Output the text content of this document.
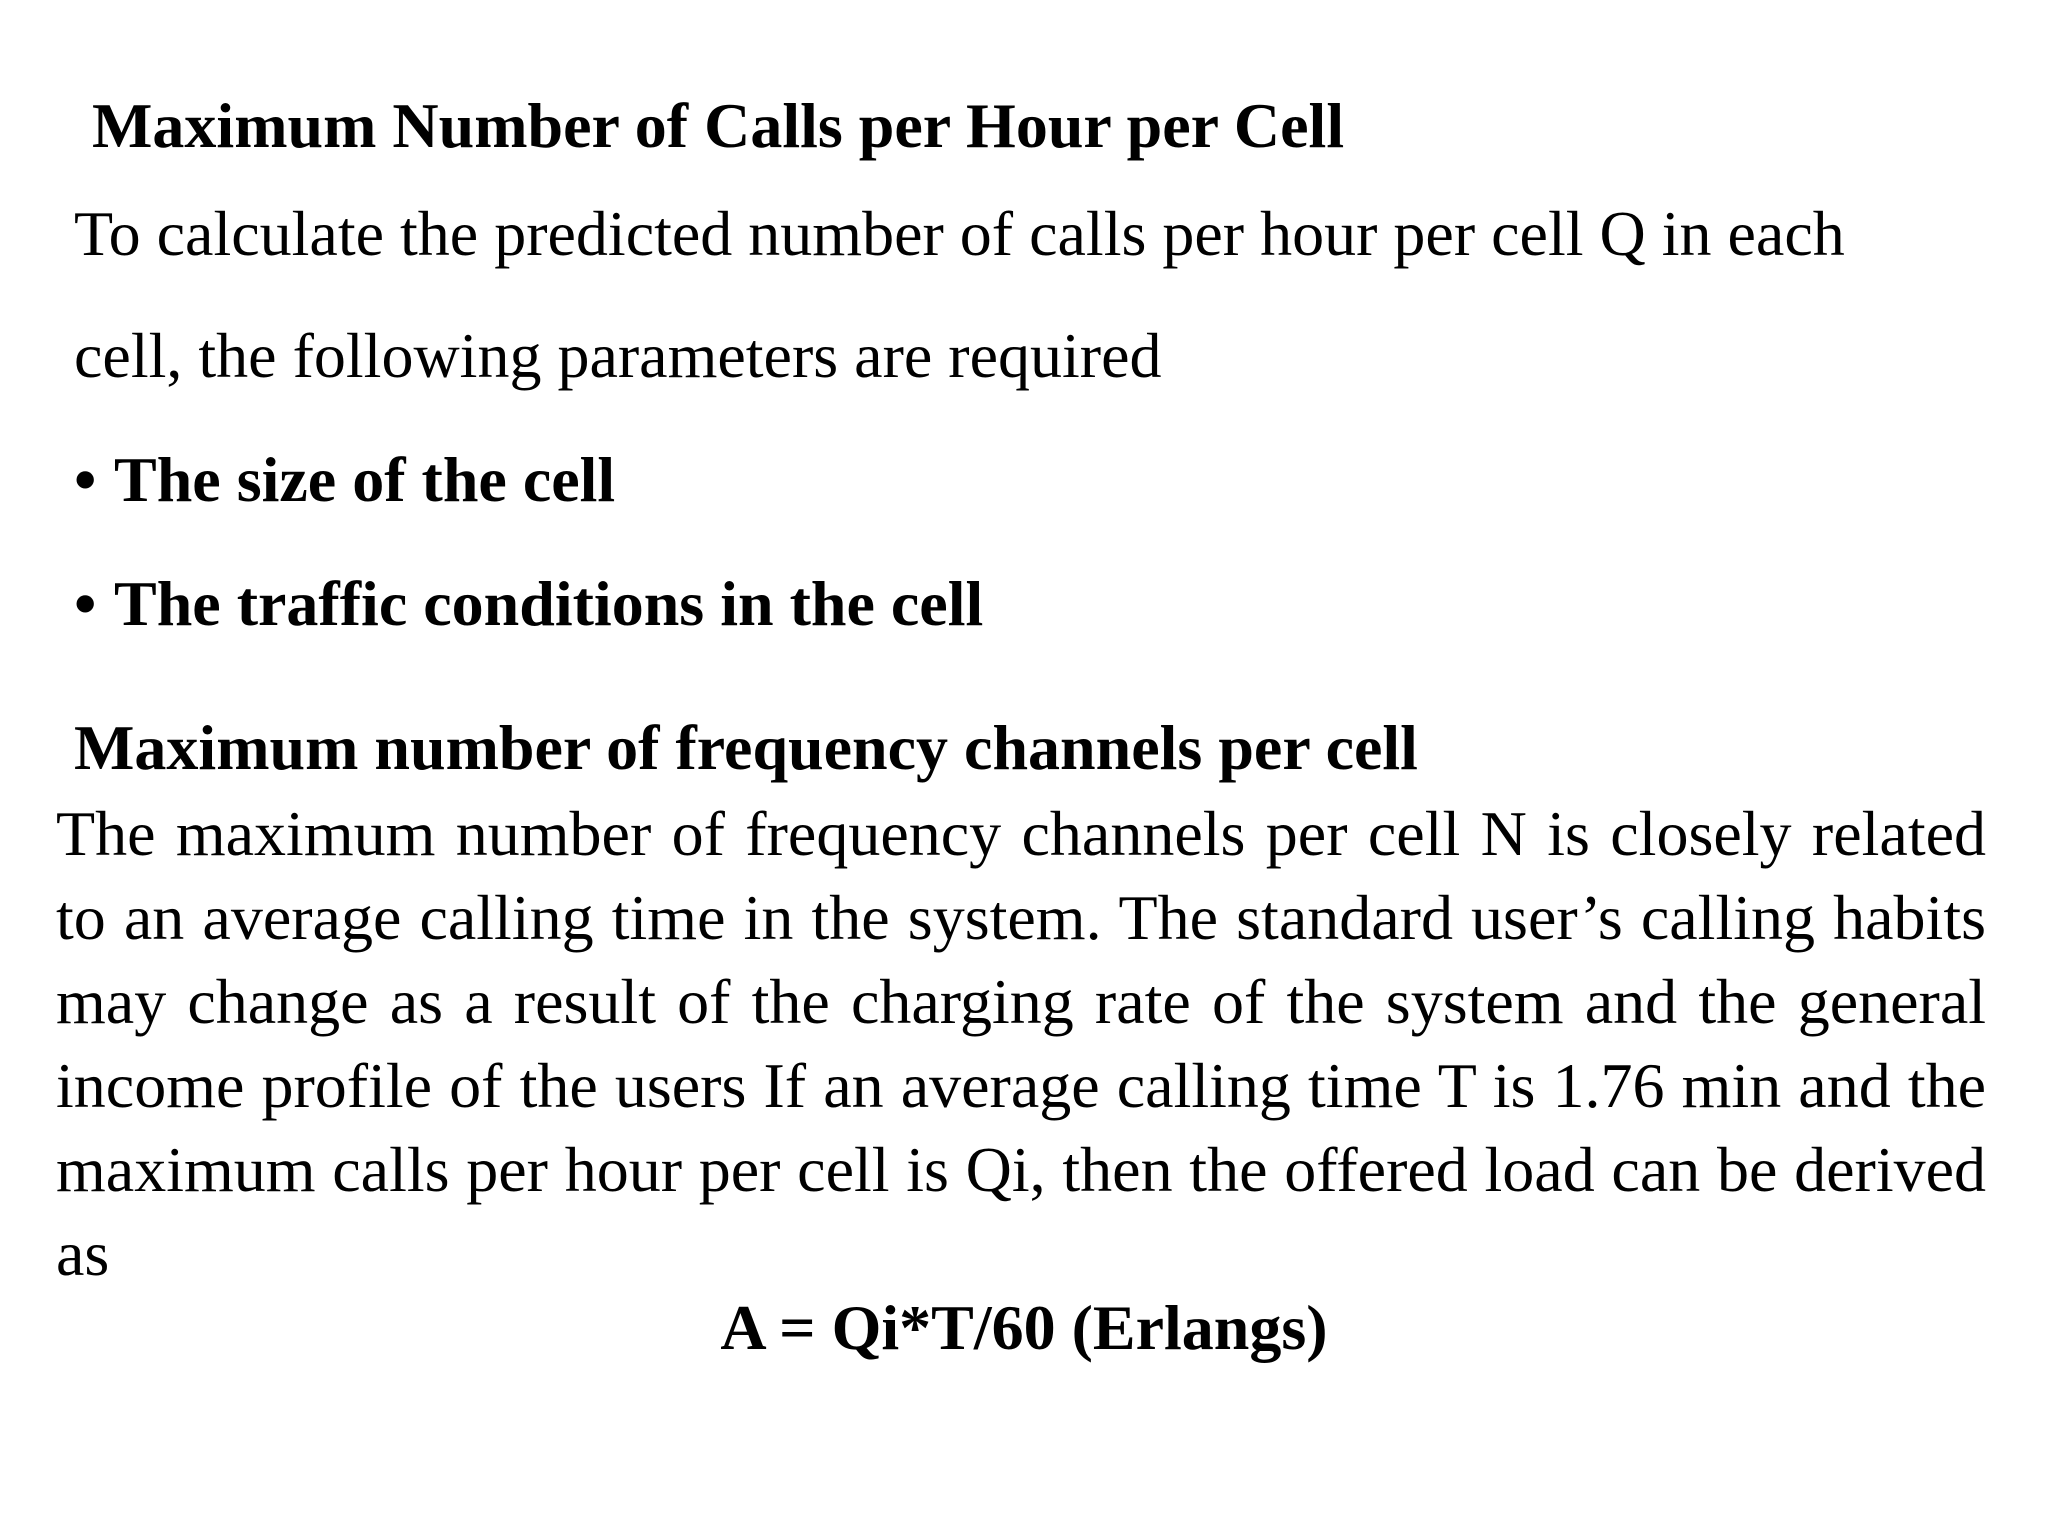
Maximum Number of Calls per Hour per Cell
To calculate the predicted number of calls per hour per cell Q in each
cell, the following parameters are required
• The size of the cell
• The traffic conditions in the cell
Maximum number of frequency channels per cell
The maximum number of frequency channels per cell N is closely related to an average calling time in the system. The standard user’s calling habits may change as a result of the charging rate of the system and the general income profile of the users If an average calling time T is 1.76 min and the maximum calls per hour per cell is Qi, then the offered load can be derived as
A = Qi*T/60 (Erlangs)
